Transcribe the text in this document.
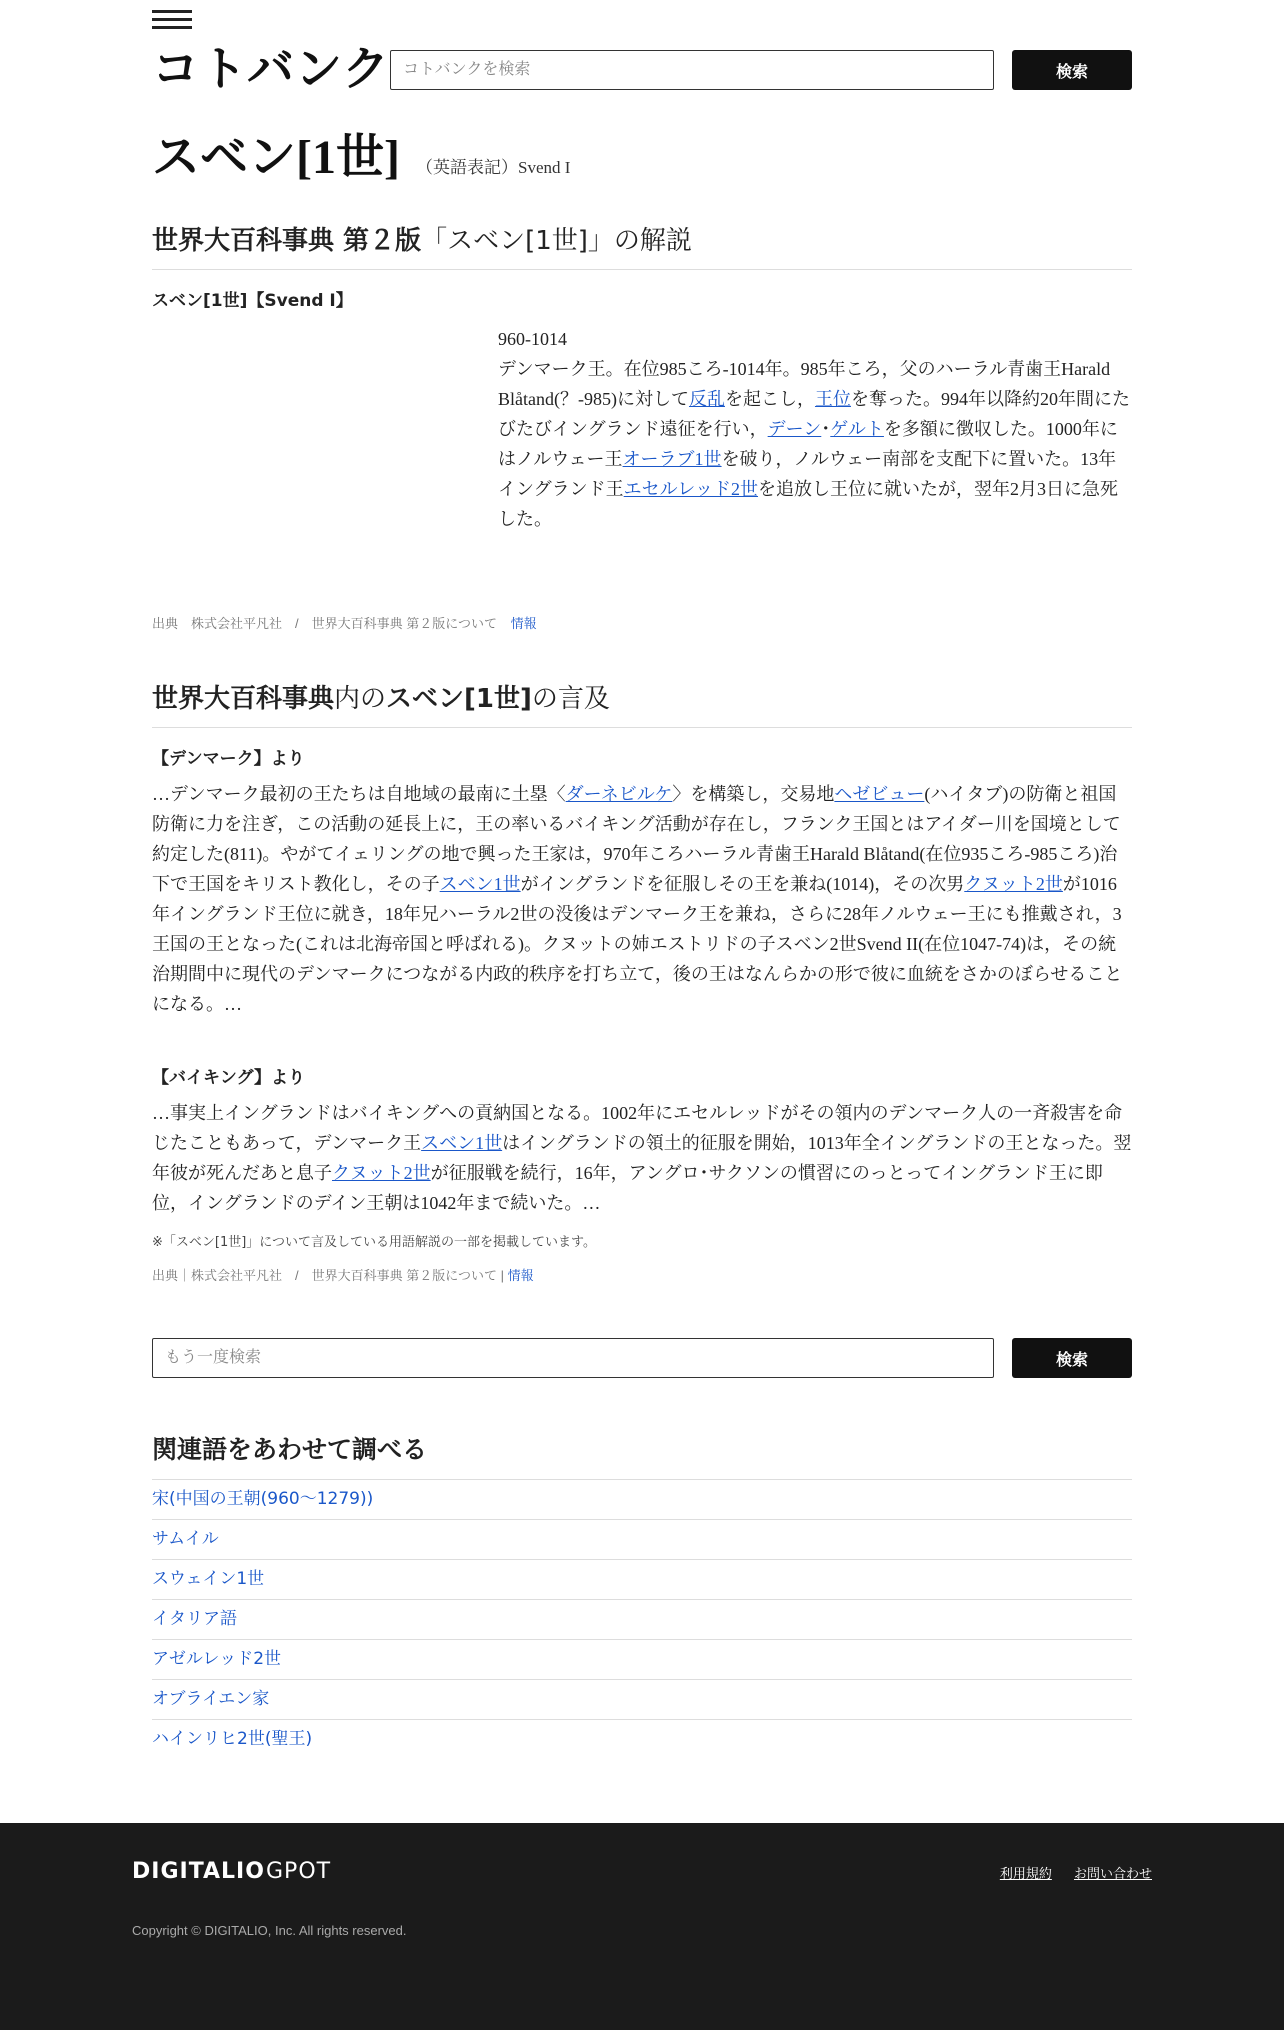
コトバンク
コトバンクを検索	検索
スベン[1世] （英語表記）Svend I
世界大百科事典 第２版「スベン[1世]」の解説
スベン[1世]【Svend I】
960-1014
デンマーク王。在位985ころ-1014年。985年ころ，父のハーラル青歯王Harald Blåtand(？-985)に対して反乱を起こし，王位を奪った。994年以降約20年間にたびたびイングランド遠征を行い，デーン･ゲルトを多額に徴収した。1000年にはノルウェー王オーラブ1世を破り，ノルウェー南部を支配下に置いた。13年イングランド王エセルレッド2世を追放し王位に就いたが，翌年2月3日に急死した。
出典　株式会社平凡社　/　世界大百科事典 第２版について 情報
世界大百科事典内のスベン[1世]の言及
【デンマーク】より
…デンマーク最初の王たちは自地域の最南に土塁〈ダーネビルケ〉を構築し，交易地ヘゼビュー(ハイタブ)の防衛と祖国防衛に力を注ぎ，この活動の延長上に，王の率いるバイキング活動が存在し，フランク王国とはアイダー川を国境として約定した(811)。やがてイェリングの地で興った王家は，970年ころハーラル青歯王Harald Blåtand(在位935ころ-985ころ)治下で王国をキリスト教化し，その子スベン1世がイングランドを征服しその王を兼ね(1014)，その次男クヌット2世が1016年イングランド王位に就き，18年兄ハーラル2世の没後はデンマーク王を兼ね，さらに28年ノルウェー王にも推戴され，3王国の王となった(これは北海帝国と呼ばれる)。クヌットの姉エストリドの子スベン2世Svend II(在位1047-74)は，その統治期間中に現代のデンマークにつながる内政的秩序を打ち立て，後の王はなんらかの形で彼に血統をさかのぼらせることになる。…
【バイキング】より
…事実上イングランドはバイキングへの貢納国となる。1002年にエセルレッドがその領内のデンマーク人の一斉殺害を命じたこともあって，デンマーク王スベン1世はイングランドの領土的征服を開始，1013年全イングランドの王となった。翌年彼が死んだあと息子クヌット2世が征服戦を続行，16年，アングロ･サクソンの慣習にのっとってイングランド王に即位，イングランドのデイン王朝は1042年まで続いた。…
※「スベン[1世]」について言及している用語解説の一部を掲載しています。
出典｜株式会社平凡社　/　世界大百科事典 第２版について | 情報
もう一度検索
検索
関連語をあわせて調べる
宋(中国の王朝(960～1279))
サムイル
スウェイン1世
イタリア語
アゼルレッド2世
オブライエン家
ハインリヒ2世(聖王)
DIGITALIO GPOT	利用規約 お問い合わせ
Copyright © DIGITALIO, Inc. All rights reserved.
